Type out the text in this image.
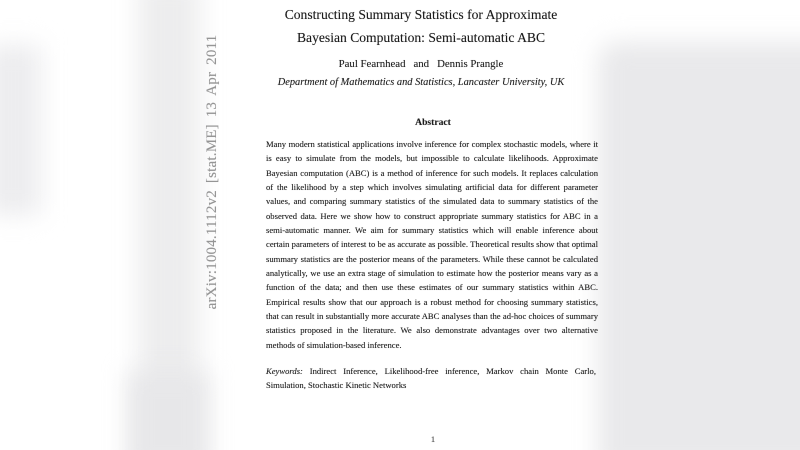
arXiv:1004.1112v2 [stat.ME] 13 Apr 2011
Constructing Summary Statistics for Approximate
Bayesian Computation: Semi-automatic ABC
Paul Fearnhead and Dennis Prangle
Department of Mathematics and Statistics, Lancaster University, UK
Abstract
Many modern statistical applications involve inference for complex stochastic models, where it is easy to simulate from the models, but impossible to calculate likelihoods. Approximate Bayesian computation (ABC) is a method of inference for such models. It replaces calculation of the likelihood by a step which involves simulating artificial data for different parameter values, and comparing summary statistics of the simulated data to summary statistics of the observed data. Here we show how to construct appropriate summary statistics for ABC in a semi-automatic manner. We aim for summary statistics which will enable inference about certain parameters of interest to be as accurate as possible. Theoretical results show that optimal summary statistics are the posterior means of the parameters. While these cannot be calculated analytically, we use an extra stage of simulation to estimate how the posterior means vary as a function of the data; and then use these estimates of our summary statistics within ABC. Empirical results show that our approach is a robust method for choosing summary statistics, that can result in substantially more accurate ABC analyses than the ad-hoc choices of summary statistics proposed in the literature. We also demonstrate advantages over two alternative methods of simulation-based inference.
Keywords: Indirect Inference, Likelihood-free inference, Markov chain Monte Carlo, Simulation, Stochastic Kinetic Networks
1
